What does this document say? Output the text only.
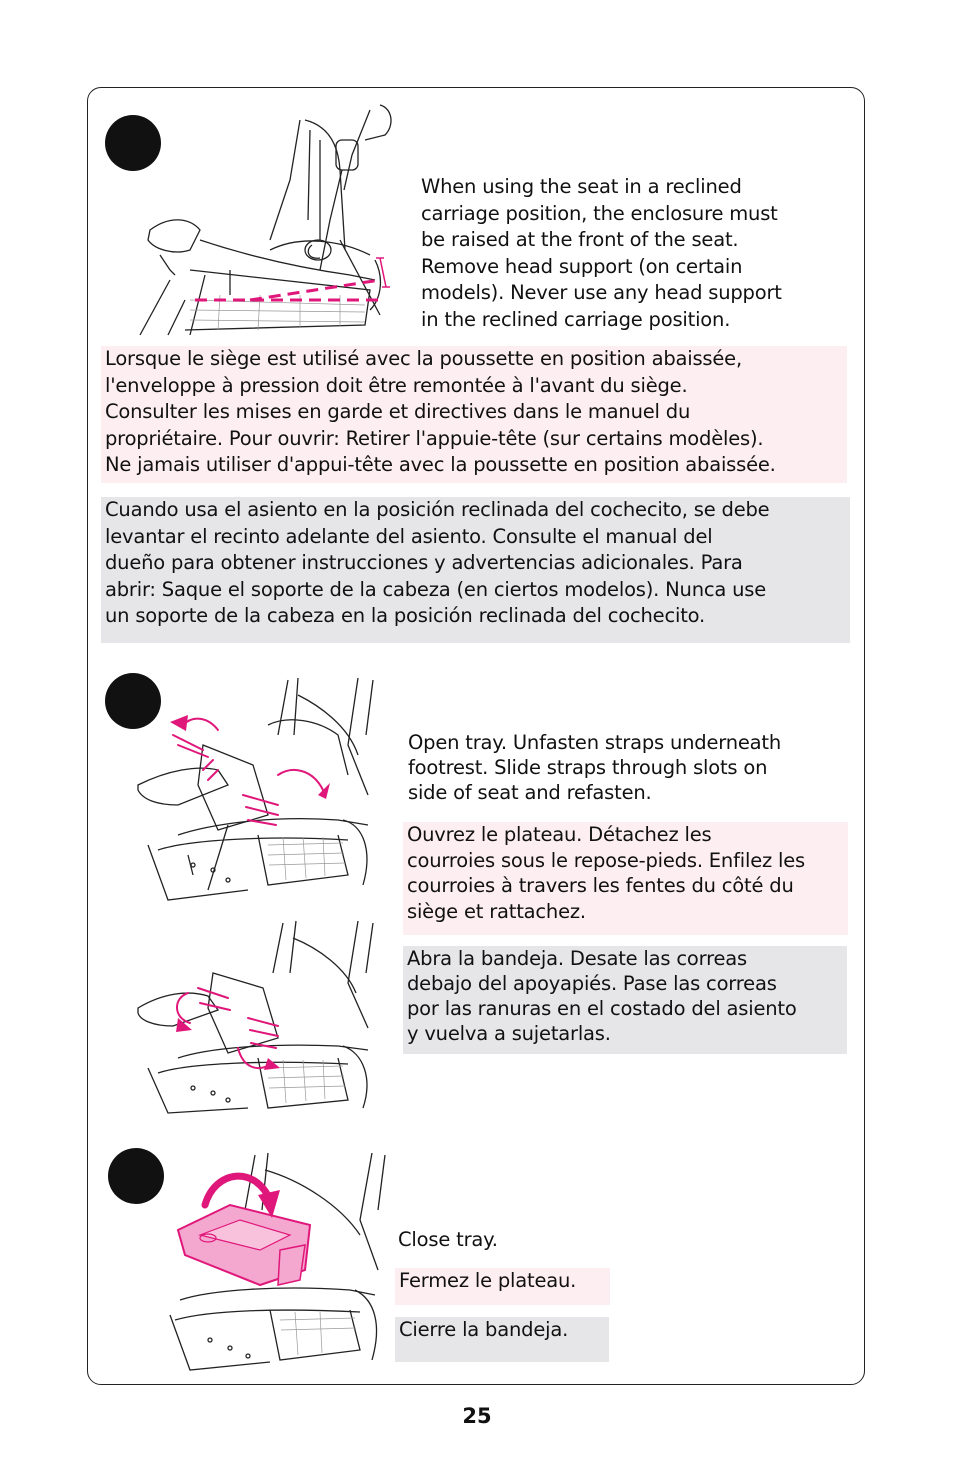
When using the seat in a reclined
carriage position, the enclosure must
be raised at the front of the seat.
Remove head support (on certain
models). Never use any head support
in the reclined carriage position.
Lorsque le siège est utilisé avec la poussette en position abaissée,
l'enveloppe à pression doit être remontée à l'avant du siège.
Consulter les mises en garde et directives dans le manuel du
propriétaire. Pour ouvrir: Retirer l'appuie-tête (sur certains modèles).
Ne jamais utiliser d'appui-tête avec la poussette en position abaissée.
Cuando usa el asiento en la posición reclinada del cochecito, se debe
levantar el recinto adelante del asiento. Consulte el manual del
dueño para obtener instrucciones y advertencias adicionales. Para
abrir: Saque el soporte de la cabeza (en ciertos modelos). Nunca use
un soporte de la cabeza en la posición reclinada del cochecito.
Open tray. Unfasten straps underneath
footrest. Slide straps through slots on
side of seat and refasten.
Ouvrez le plateau. Détachez les
courroies sous le repose-pieds. Enfilez les
courroies à travers les fentes du côté du
siège et rattachez.
Abra la bandeja. Desate las correas
debajo del apoyapiés. Pase las correas
por las ranuras en el costado del asiento
y vuelva a sujetarlas.
Close tray.
Fermez le plateau.
Cierre la bandeja.
25
